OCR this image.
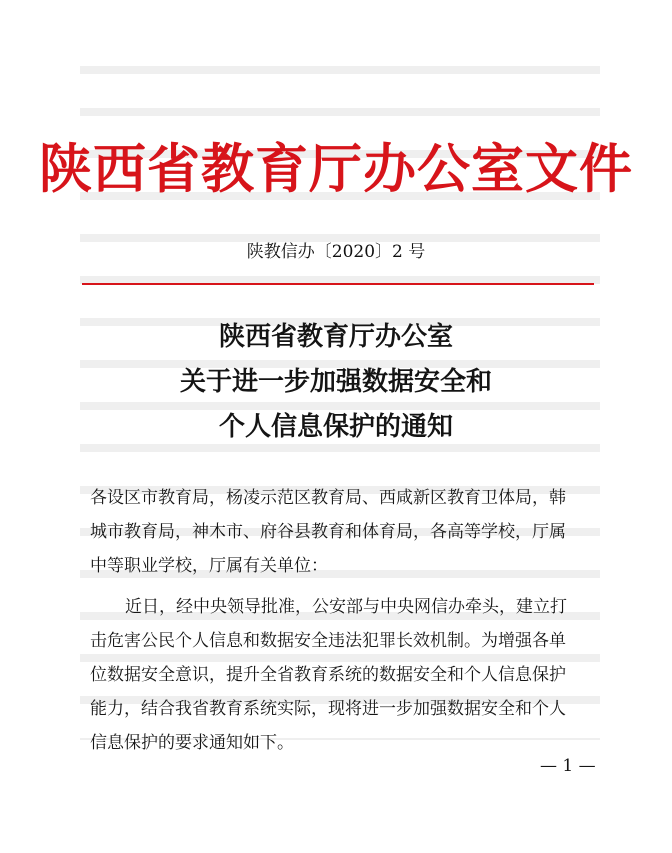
陕西省教育厅办公室文件
陕教信办〔2020〕2 号
陕西省教育厅办公室
关于进一步加强数据安全和
个人信息保护的通知
各设区市教育局，杨凌示范区教育局、西咸新区教育卫体局，韩
城市教育局，神木市、府谷县教育和体育局，各高等学校，厅属
中等职业学校，厅属有关单位：
近日，经中央领导批准，公安部与中央网信办牵头，建立打
击危害公民个人信息和数据安全违法犯罪长效机制。为增强各单
位数据安全意识，提升全省教育系统的数据安全和个人信息保护
能力，结合我省教育系统实际，现将进一步加强数据安全和个人
信息保护的要求通知如下。
— 1 —
